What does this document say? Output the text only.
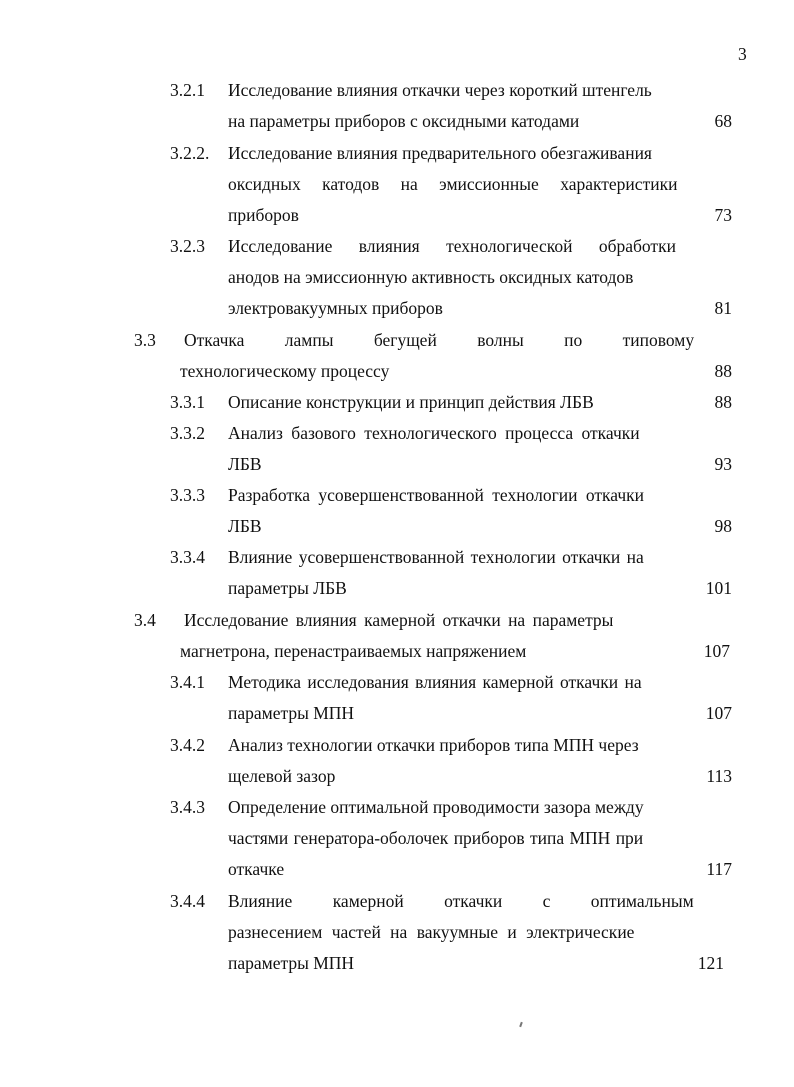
3
3.2.1 Исследование влияния откачки через короткий штенгель
на параметры приборов с оксидными катодами	68
3.2.2. Исследование влияния предварительного обезгаживания
оксидных катодов на эмиссионные характеристики
приборов	73
3.2.3 Исследование влияния технологической обработки
анодов на эмиссионную активность оксидных катодов
электровакуумных приборов	81
3.3 Откачка лампы бегущей волны по типовому
технологическому процессу	88
3.3.1 Описание конструкции и принцип действия ЛБВ	88
3.3.2 Анализ базового технологического процесса откачки
ЛБВ	93
3.3.3 Разработка усовершенствованной технологии откачки
ЛБВ	98
3.3.4 Влияние усовершенствованной технологии откачки на
параметры ЛБВ	101
3.4 Исследование влияния камерной откачки на параметры
магнетрона, перенастраиваемых напряжением	107
3.4.1 Методика исследования влияния камерной откачки на
параметры МПН	107
3.4.2 Анализ технологии откачки приборов типа МПН через
щелевой зазор	113
3.4.3 Определение оптимальной проводимости зазора между
частями генератора-оболочек приборов типа МПН при
откачке	117
3.4.4 Влияние камерной откачки с оптимальным
разнесением частей на вакуумные и электрические
параметры МПН	121
